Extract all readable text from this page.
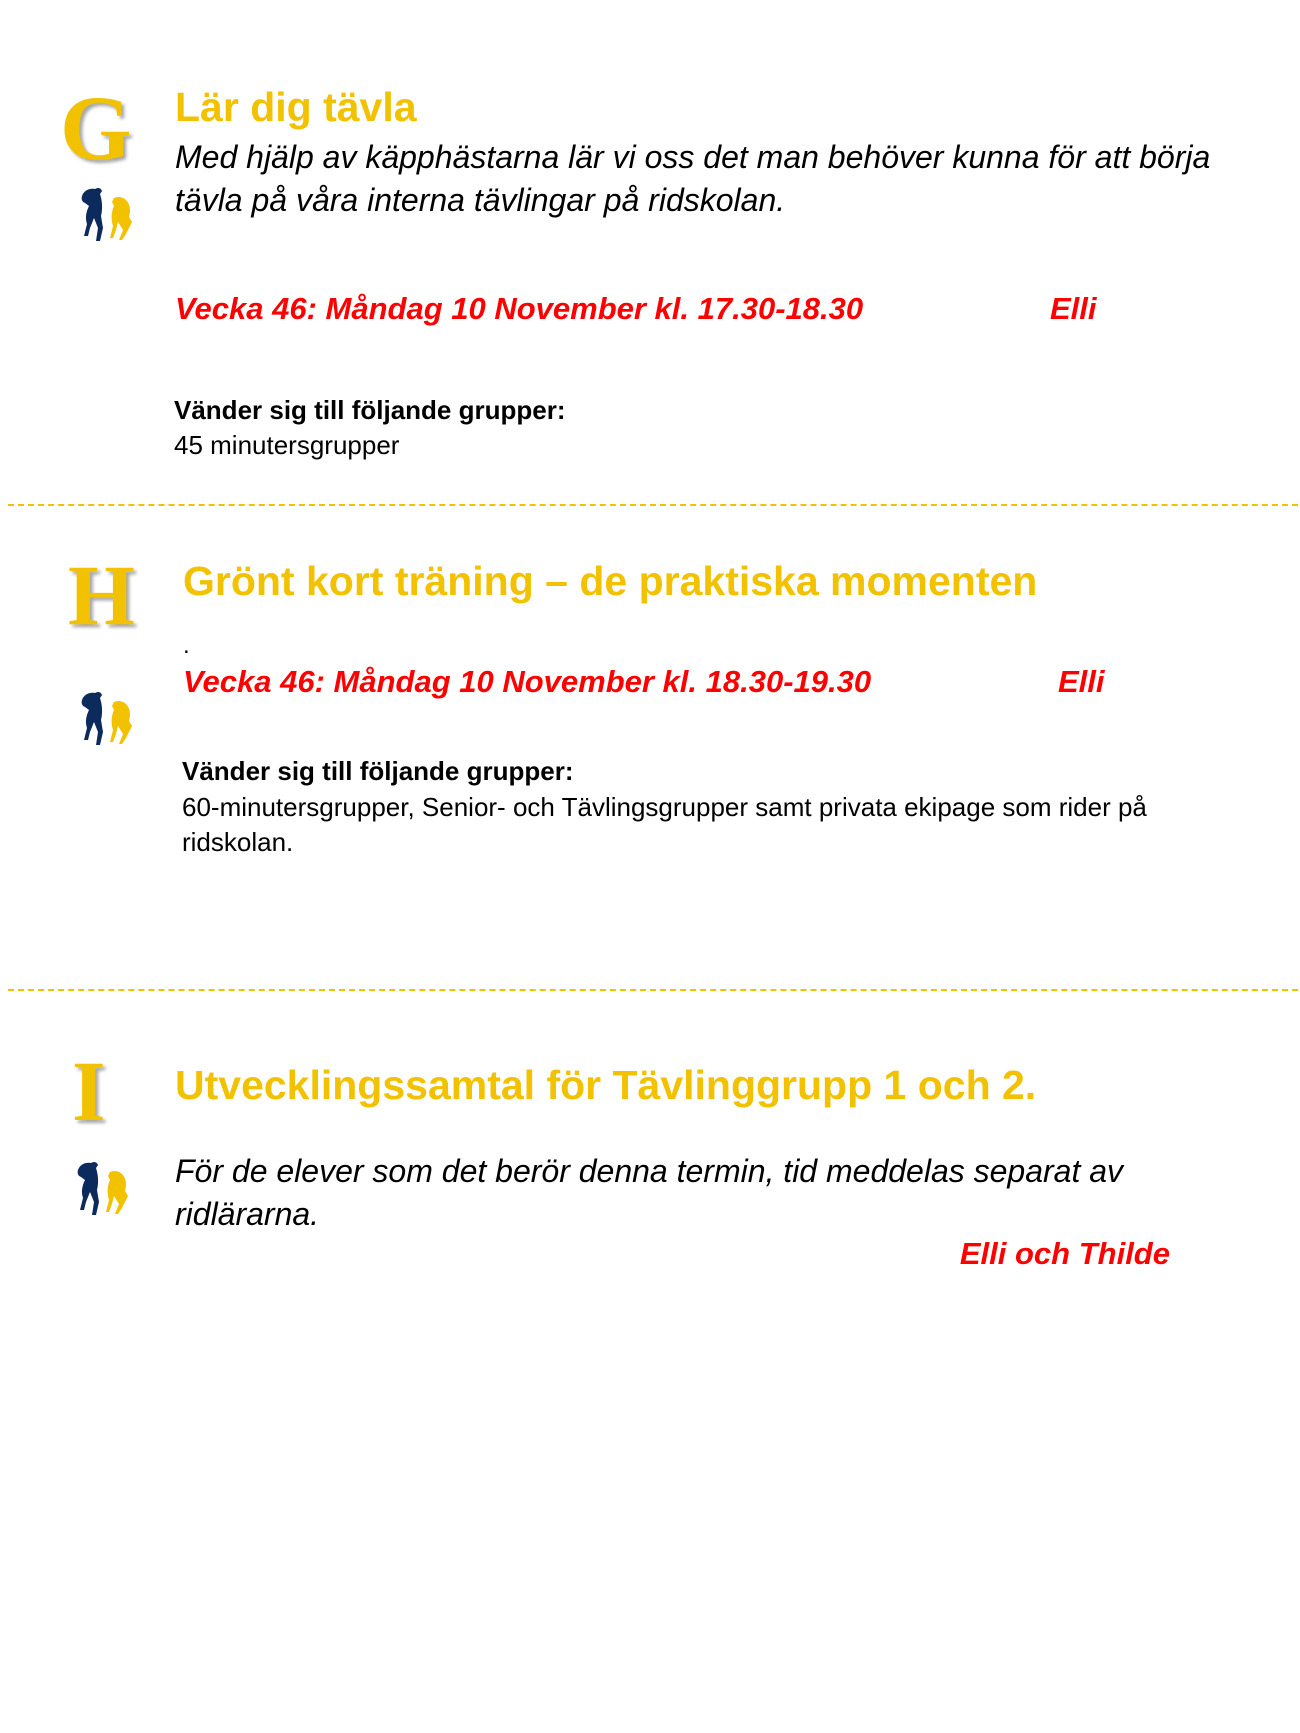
G Lär dig tävla

Med hjälp av käpphästarna lär vi oss det man behöver kunna för att börja tävla på våra interna tävlingar på ridskolan.

Vecka 46: Måndag 10 November kl. 17.30-18.30	Elli
Vänder sig till följande grupper:

45 minutersgrupper

H Grönt kort träning – de praktiska momenten
.
Vecka 46: Måndag 10 November kl. 18.30-19.30	Elli
Vänder sig till följande grupper:

60-minutersgrupper, Senior- och Tävlingsgrupper samt privata ekipage som rider på ridskolan.

I Utvecklingssamtal för Tävlinggrupp 1 och 2.

För de elever som det berör denna termin, tid meddelas separat av ridlärarna.

Elli och Thilde
